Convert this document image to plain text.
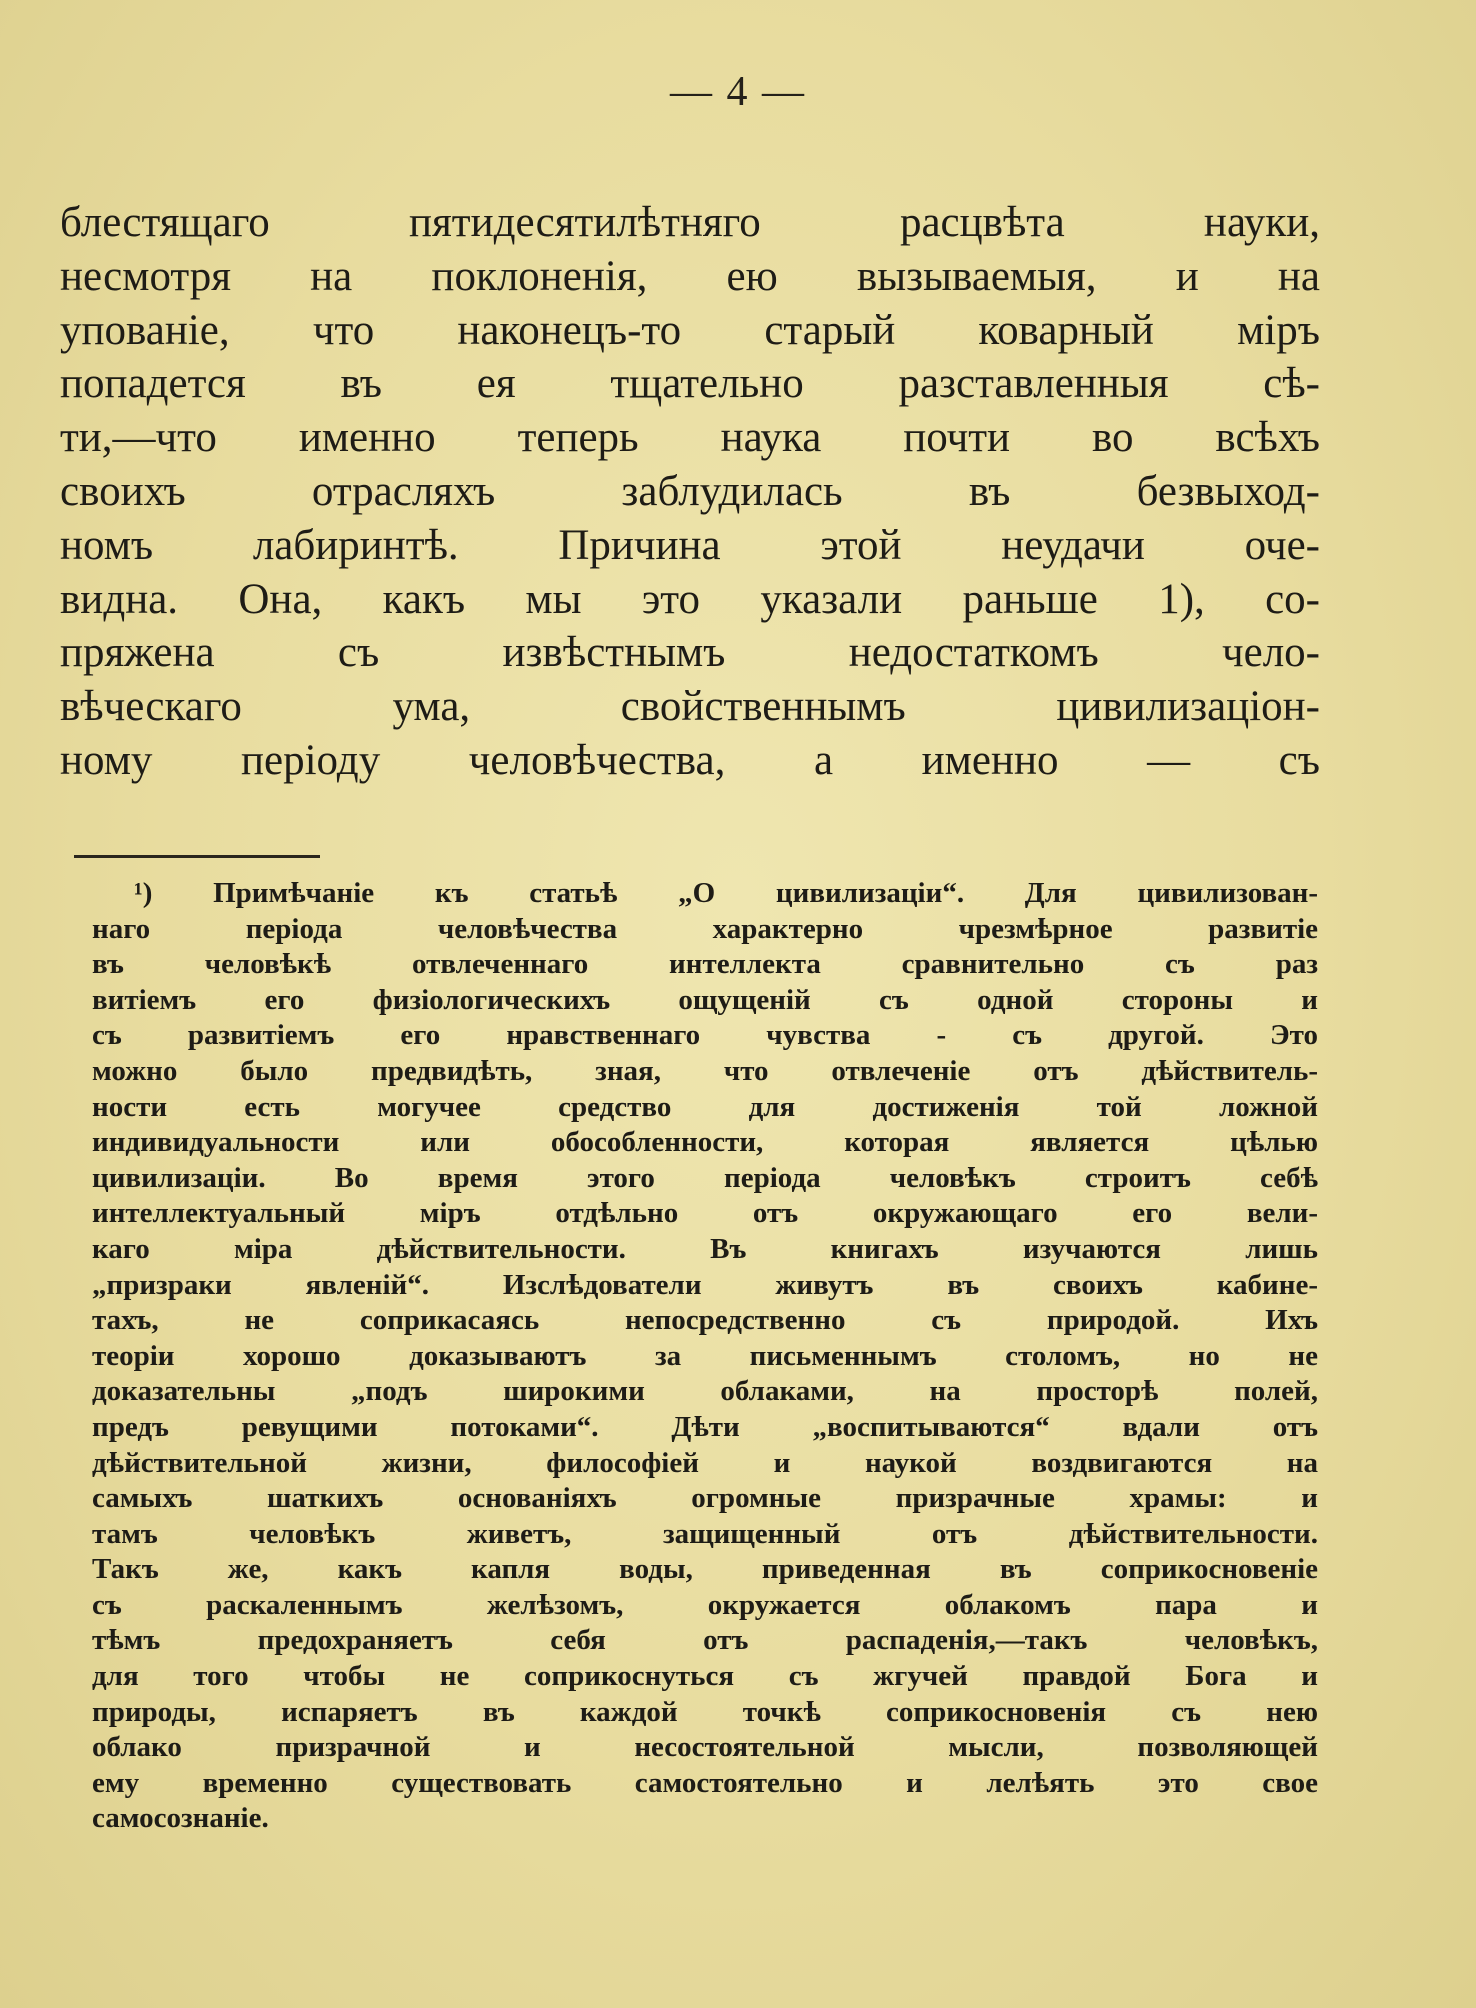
— 4 —
блестящаго пятидесятилѣтняго расцвѣта науки,
несмотря на поклоненія, ею вызываемыя, и на
упованіе, что наконецъ-то старый коварный міръ
попадется въ ея тщательно разставленныя сѣ-
ти,—что именно теперь наука почти во всѣхъ
своихъ отрасляхъ заблудилась въ безвыход-
номъ лабиринтѣ. Причина этой неудачи оче-
видна. Она, какъ мы это указали раньше 1), со-
пряжена съ извѣстнымъ недостаткомъ чело-
вѣческаго ума, свойственнымъ цивилизаціон-
ному періоду человѣчества, а именно — съ
¹) Примѣчаніе къ статьѣ „О цивилизаціи“. Для цивилизован-
наго періода человѣчества характерно чрезмѣрное развитіе
въ человѣкѣ отвлеченнаго интеллекта сравнительно съ раз
витіемъ его физіологическихъ ощущеній съ одной стороны и
съ развитіемъ его нравственнаго чувства - съ другой. Это
можно было предвидѣть, зная, что отвлеченіе отъ дѣйствитель-
ности есть могучее средство для достиженія той ложной
индивидуальности или обособленности, которая является цѣлью
цивилизаціи. Во время этого періода человѣкъ строитъ себѣ
интеллектуальный міръ отдѣльно отъ окружающаго его вели-
каго міра дѣйствительности. Въ книгахъ изучаются лишь
„призраки явленій“. Изслѣдователи живутъ въ своихъ кабине-
тахъ, не соприкасаясь непосредственно съ природой. Ихъ
теоріи хорошо доказываютъ за письменнымъ столомъ, но не
доказательны „подъ широкими облаками, на просторѣ полей,
предъ ревущими потоками“. Дѣти „воспитываются“ вдали отъ
дѣйствительной жизни, философіей и наукой воздвигаются на
самыхъ шаткихъ основаніяхъ огромные призрачные храмы: и
тамъ человѣкъ живетъ, защищенный отъ дѣйствительности.
Такъ же, какъ капля воды, приведенная въ соприкосновеніе
съ раскаленнымъ желѣзомъ, окружается облакомъ пара и
тѣмъ предохраняетъ себя отъ распаденія,—такъ человѣкъ,
для того чтобы не соприкоснуться съ жгучей правдой Бога и
природы, испаряетъ въ каждой точкѣ соприкосновенія съ нею
облако призрачной и несостоятельной мысли, позволяющей
ему временно существовать самостоятельно и лелѣять это свое
самосознаніе.
